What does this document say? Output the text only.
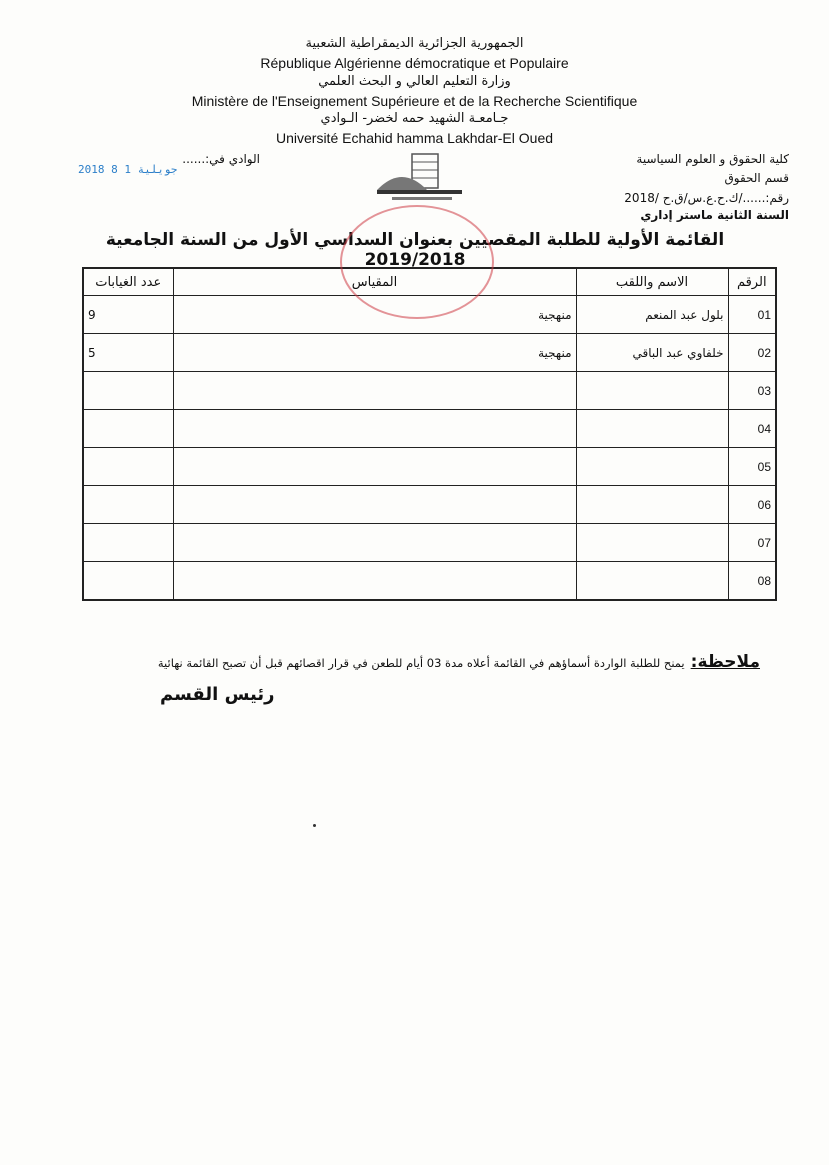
الجمهورية الجزائرية الديمقراطية الشعبية
République Algérienne démocratique et Populaire
وزارة التعليم العالي و البحث العلمي
Ministère de l'Enseignement Supérieure et de la Recherche Scientifique
جـامعـة الشهيد حمه لخضر- الـوادي
Université Echahid hamma Lakhdar-El Oued
كلية الحقوق و العلوم السياسية
قسم الحقوق
رقم:....../ك.ح.ع.س/ق.ح /2018
السنة الثانية ماستر إداري
الوادي في:......
2018 ﺟﻮﻳﻠﻴﺔ 1 8
القائمة الأولية للطلبة المقصيين بعنوان السداسي الأول من السنة الجامعية 2019/2018
الرقم	الاسم واللقب	المقياس	عدد الغيابات
01	بلول عبد المنعم	منهجية	9
02	خلفاوي عبد الباقي	منهجية	5
03			
04			
05			
06			
07			
08			
ملاحظة:يمنح للطلبة الواردة أسماؤهم في القائمة أعلاه مدة 03 أيام للطعن في قرار اقصائهم قبل أن تصبح القائمة نهائية
رئيس القسم
